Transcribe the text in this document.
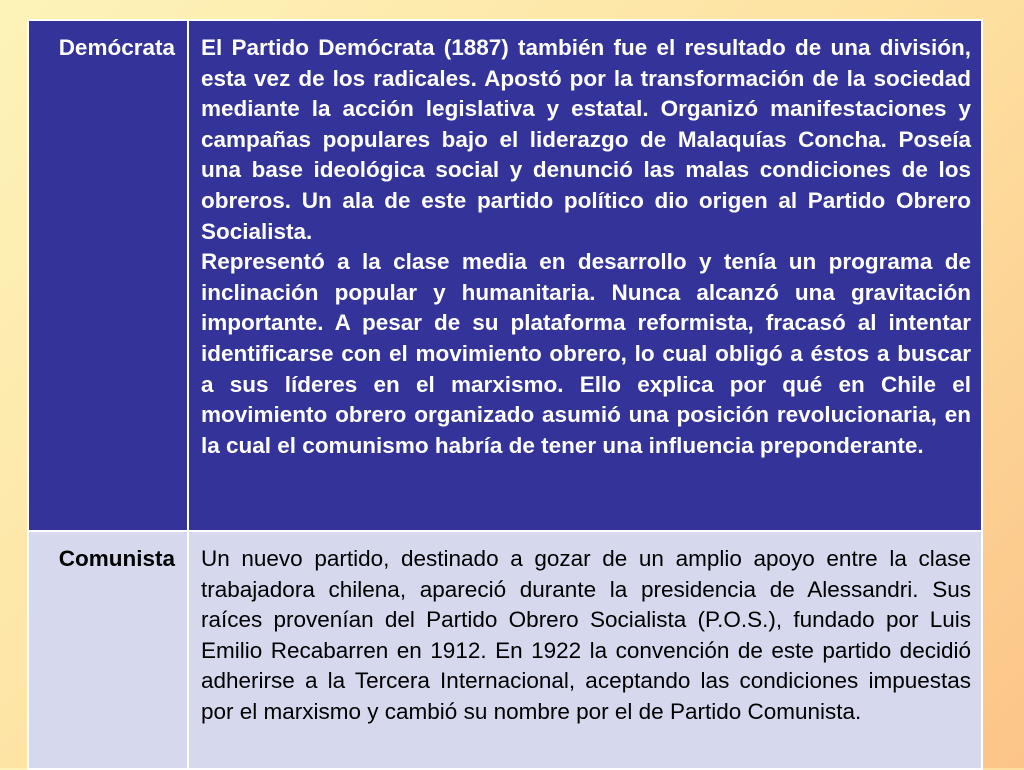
Demócrata	El Partido Demócrata (1887) también fue el resultado de una división, esta vez de los radicales. Apostó por la transformación de la sociedad mediante la acción legislativa y estatal. Organizó manifestaciones y campañas populares bajo el liderazgo de Malaquías Concha. Poseía una base ideológica social y denunció las malas condiciones de los obreros. Un ala de este partido político dio origen al Partido Obrero Socialista.

Representó a la clase media en desarrollo y tenía un programa de inclinación popular y humanitaria. Nunca alcanzó una gravitación importante. A pesar de su plataforma reformista, fracasó al intentar identificarse con el movimiento obrero, lo cual obligó a éstos a buscar a sus líderes en el marxismo. Ello explica por qué en Chile el movimiento obrero organizado asumió una posición revolucionaria, en la cual el comunismo habría de tener una influencia preponderante.

Comunista	Un nuevo partido, destinado a gozar de un amplio apoyo entre la clase trabajadora chilena, apareció durante la presidencia de Alessandri. Sus raíces provenían del Partido Obrero Socialista (P.O.S.), fundado por Luis Emilio Recabarren en 1912. En 1922 la convención de este partido decidió adherirse a la Tercera Internacional, aceptando las condiciones impuestas por el marxismo y cambió su nombre por el de Partido Comunista.
